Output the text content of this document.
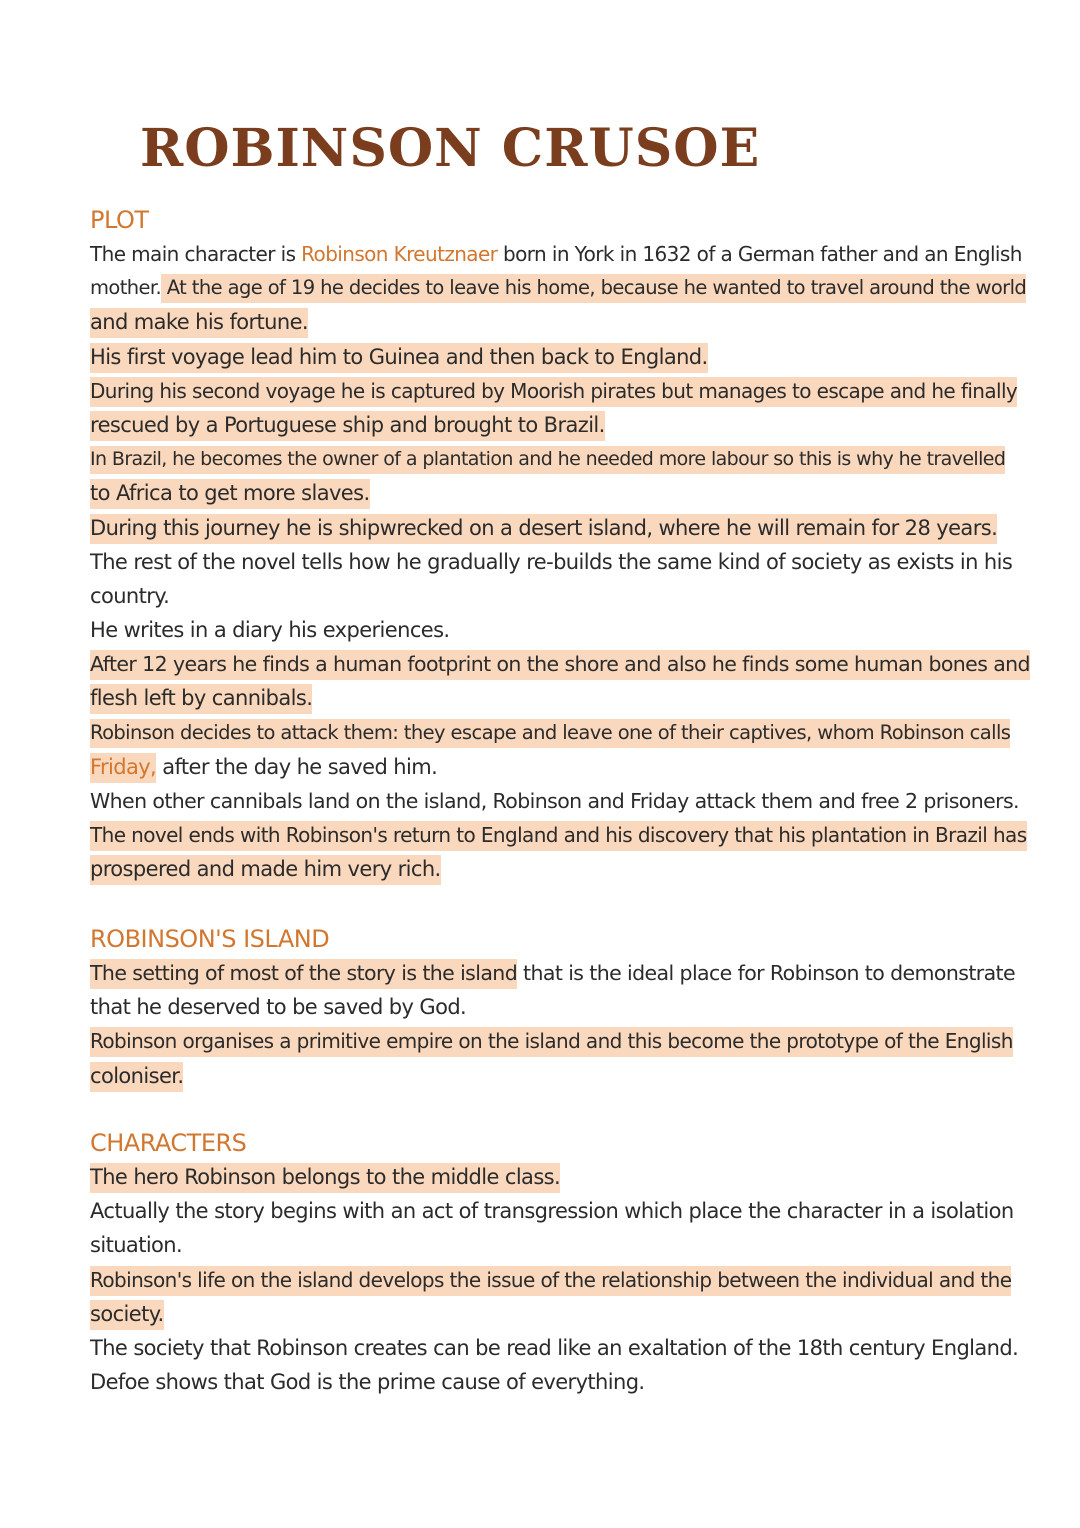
ROBINSON CRUSOE
PLOT
The main character is Robinson Kreutznaer born in York in 1632 of a German father and an English
mother. At the age of 19 he decides to leave his home, because he wanted to travel around the world
and make his fortune.
His first voyage lead him to Guinea and then back to England.
During his second voyage he is captured by Moorish pirates but manages to escape and he finally
rescued by a Portuguese ship and brought to Brazil.
In Brazil, he becomes the owner of a plantation and he needed more labour so this is why he travelled
to Africa to get more slaves.
During this journey he is shipwrecked on a desert island, where he will remain for 28 years.
The rest of the novel tells how he gradually re-builds the same kind of society as exists in his
country.
He writes in a diary his experiences.
After 12 years he finds a human footprint on the shore and also he finds some human bones and
flesh left by cannibals.
Robinson decides to attack them: they escape and leave one of their captives, whom Robinson calls
Friday, after the day he saved him.
When other cannibals land on the island, Robinson and Friday attack them and free 2 prisoners.
The novel ends with Robinson's return to England and his discovery that his plantation in Brazil has
prospered and made him very rich.
ROBINSON'S ISLAND
The setting of most of the story is the island that is the ideal place for Robinson to demonstrate
that he deserved to be saved by God.
Robinson organises a primitive empire on the island and this become the prototype of the English
coloniser.
CHARACTERS
The hero Robinson belongs to the middle class.
Actually the story begins with an act of transgression which place the character in a isolation
situation.
Robinson's life on the island develops the issue of the relationship between the individual and the
society.
The society that Robinson creates can be read like an exaltation of the 18th century England.
Defoe shows that God is the prime cause of everything.
